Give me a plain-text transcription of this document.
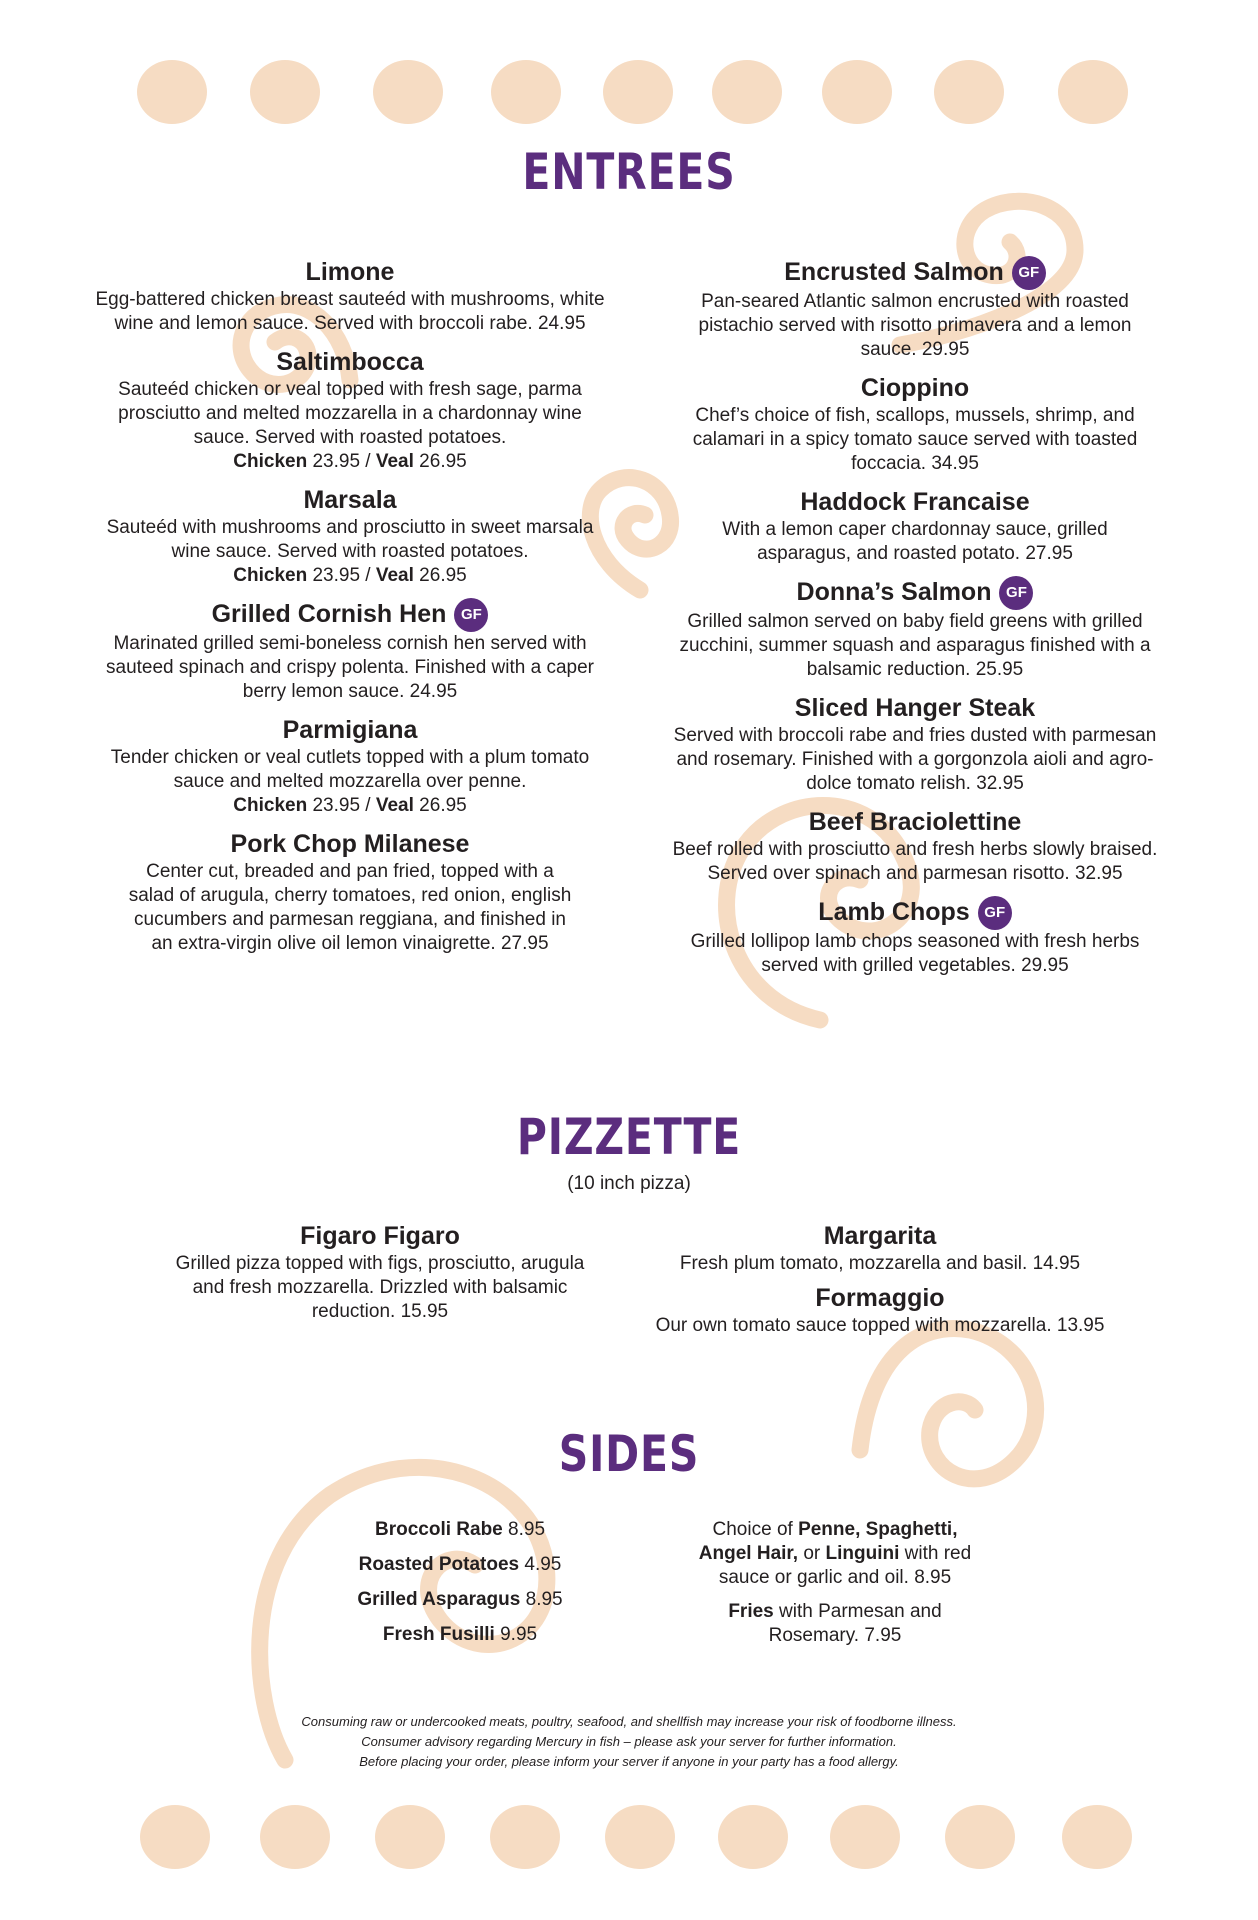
ENTREES
Limone
Egg-battered chicken breast sauteéd with mushrooms, white wine and lemon sauce. Served with broccoli rabe. 24.95
Saltimbocca
Sauteéd chicken or veal topped with fresh sage, parma prosciutto and melted mozzarella in a chardonnay wine sauce. Served with roasted potatoes.
Chicken 23.95 / Veal 26.95
Marsala
Sauteéd with mushrooms and prosciutto in sweet marsala wine sauce. Served with roasted potatoes.
Chicken 23.95 / Veal 26.95
Grilled Cornish Hen GF
Marinated grilled semi-boneless cornish hen served with sauteed spinach and crispy polenta. Finished with a caper berry lemon sauce. 24.95
Parmigiana
Tender chicken or veal cutlets topped with a plum tomato sauce and melted mozzarella over penne.
Chicken 23.95 / Veal 26.95
Pork Chop Milanese
Center cut, breaded and pan fried, topped with a salad of arugula, cherry tomatoes, red onion, english cucumbers and parmesan reggiana, and finished in an extra-virgin olive oil lemon vinaigrette. 27.95
Encrusted Salmon GF
Pan-seared Atlantic salmon encrusted with roasted pistachio served with risotto primavera and a lemon sauce. 29.95
Cioppino
Chef’s choice of fish, scallops, mussels, shrimp, and calamari in a spicy tomato sauce served with toasted foccacia. 34.95
Haddock Francaise
With a lemon caper chardonnay sauce, grilled asparagus, and roasted potato. 27.95
Donna’s Salmon GF
Grilled salmon served on baby field greens with grilled zucchini, summer squash and asparagus finished with a balsamic reduction. 25.95
Sliced Hanger Steak
Served with broccoli rabe and fries dusted with parmesan and rosemary. Finished with a gorgonzola aioli and agro-dolce tomato relish. 32.95
Beef Braciolettine
Beef rolled with prosciutto and fresh herbs slowly braised. Served over spinach and parmesan risotto. 32.95
Lamb Chops GF
Grilled lollipop lamb chops seasoned with fresh herbs served with grilled vegetables. 29.95
PIZZETTE
(10 inch pizza)
Figaro Figaro
Grilled pizza topped with figs, prosciutto, arugula and fresh mozzarella. Drizzled with balsamic reduction. 15.95
Margarita
Fresh plum tomato, mozzarella and basil. 14.95
Formaggio
Our own tomato sauce topped with mozzarella. 13.95
SIDES
Broccoli Rabe 8.95
Roasted Potatoes 4.95
Grilled Asparagus 8.95
Fresh Fusilli 9.95
Choice of Penne, Spaghetti, Angel Hair, or Linguini with red sauce or garlic and oil. 8.95
Fries with Parmesan and Rosemary. 7.95
Consuming raw or undercooked meats, poultry, seafood, and shellfish may increase your risk of foodborne illness.
Consumer advisory regarding Mercury in fish – please ask your server for further information.
Before placing your order, please inform your server if anyone in your party has a food allergy.
